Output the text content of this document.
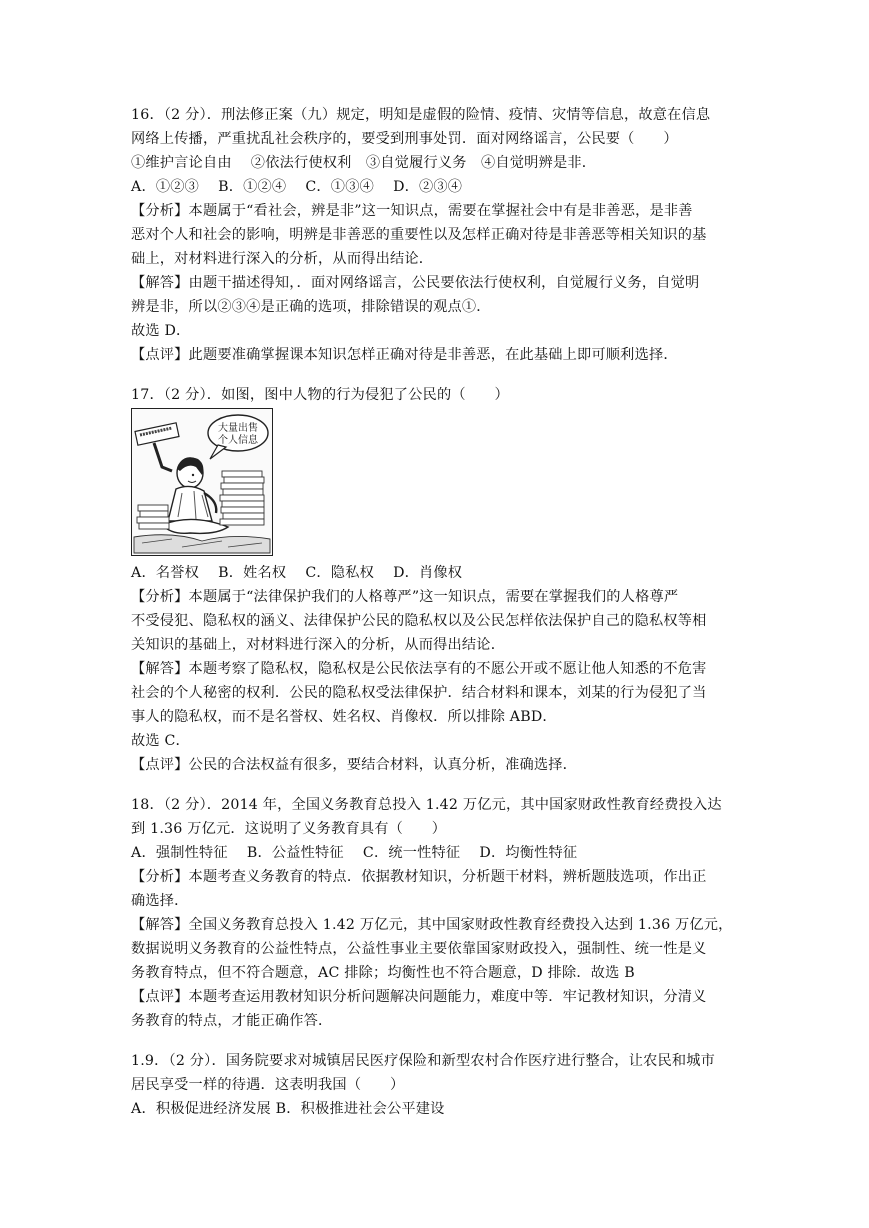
16．（2 分）．刑法修正案（九）规定，明知是虚假的险情、疫情、灾情等信息，故意在信息
网络上传播，严重扰乱社会秩序的，要受到刑事处罚．面对网络谣言，公民要（　　）
①维护言论自由　 ②依法行使权利　③自觉履行义务　④自觉明辨是非．
A．①②③　 B．①②④　 C．①③④　 D．②③④
【分析】本题属于“看社会，辨是非”这一知识点，需要在掌握社会中有是非善恶，是非善
恶对个人和社会的影响，明辨是非善恶的重要性以及怎样正确对待是非善恶等相关知识的基
础上，对材料进行深入的分析，从而得出结论．
【解答】由题干描述得知，．面对网络谣言，公民要依法行使权利，自觉履行义务，自觉明
辨是非，所以②③④是正确的选项，排除错误的观点①．
故选 D．
【点评】此题要准确掌握课本知识怎样正确对待是非善恶，在此基础上即可顺利选择．
17．（2 分）．如图，图中人物的行为侵犯了公民的（　　）
大量出售
个人信息
A．名誉权　 B．姓名权　 C．隐私权　 D．肖像权
【分析】本题属于“法律保护我们的人格尊严”这一知识点，需要在掌握我们的人格尊严
不受侵犯、隐私权的涵义、法律保护公民的隐私权以及公民怎样依法保护自己的隐私权等相
关知识的基础上，对材料进行深入的分析，从而得出结论．
【解答】本题考察了隐私权，隐私权是公民依法享有的不愿公开或不愿让他人知悉的不危害
社会的个人秘密的权利．公民的隐私权受法律保护．结合材料和课本，刘某的行为侵犯了当
事人的隐私权，而不是名誉权、姓名权、肖像权．所以排除 ABD．
故选 C．
【点评】公民的合法权益有很多，要结合材料，认真分析，准确选择．
18．（2 分）．2014 年，全国义务教育总投入 1.42 万亿元，其中国家财政性教育经费投入达
到 1.36 万亿元．这说明了义务教育具有（　　）
A．强制性特征　 B．公益性特征　 C．统一性特征　 D．均衡性特征
【分析】本题考查义务教育的特点．依据教材知识，分析题干材料，辨析题肢选项，作出正
确选择．
【解答】全国义务教育总投入 1.42 万亿元，其中国家财政性教育经费投入达到 1.36 万亿元，
数据说明义务教育的公益性特点，公益性事业主要依靠国家财政投入，强制性、统一性是义
务教育特点，但不符合题意，AC 排除；均衡性也不符合题意，D 排除．故选 B
【点评】本题考查运用教材知识分析问题解决问题能力，难度中等．牢记教材知识，分清义
务教育的特点，才能正确作答．
1.9．（2 分）．国务院要求对城镇居民医疗保险和新型农村合作医疗进行整合，让农民和城市
居民享受一样的待遇．这表明我国（　　）
A．积极促进经济发展 B．积极推进社会公平建设
